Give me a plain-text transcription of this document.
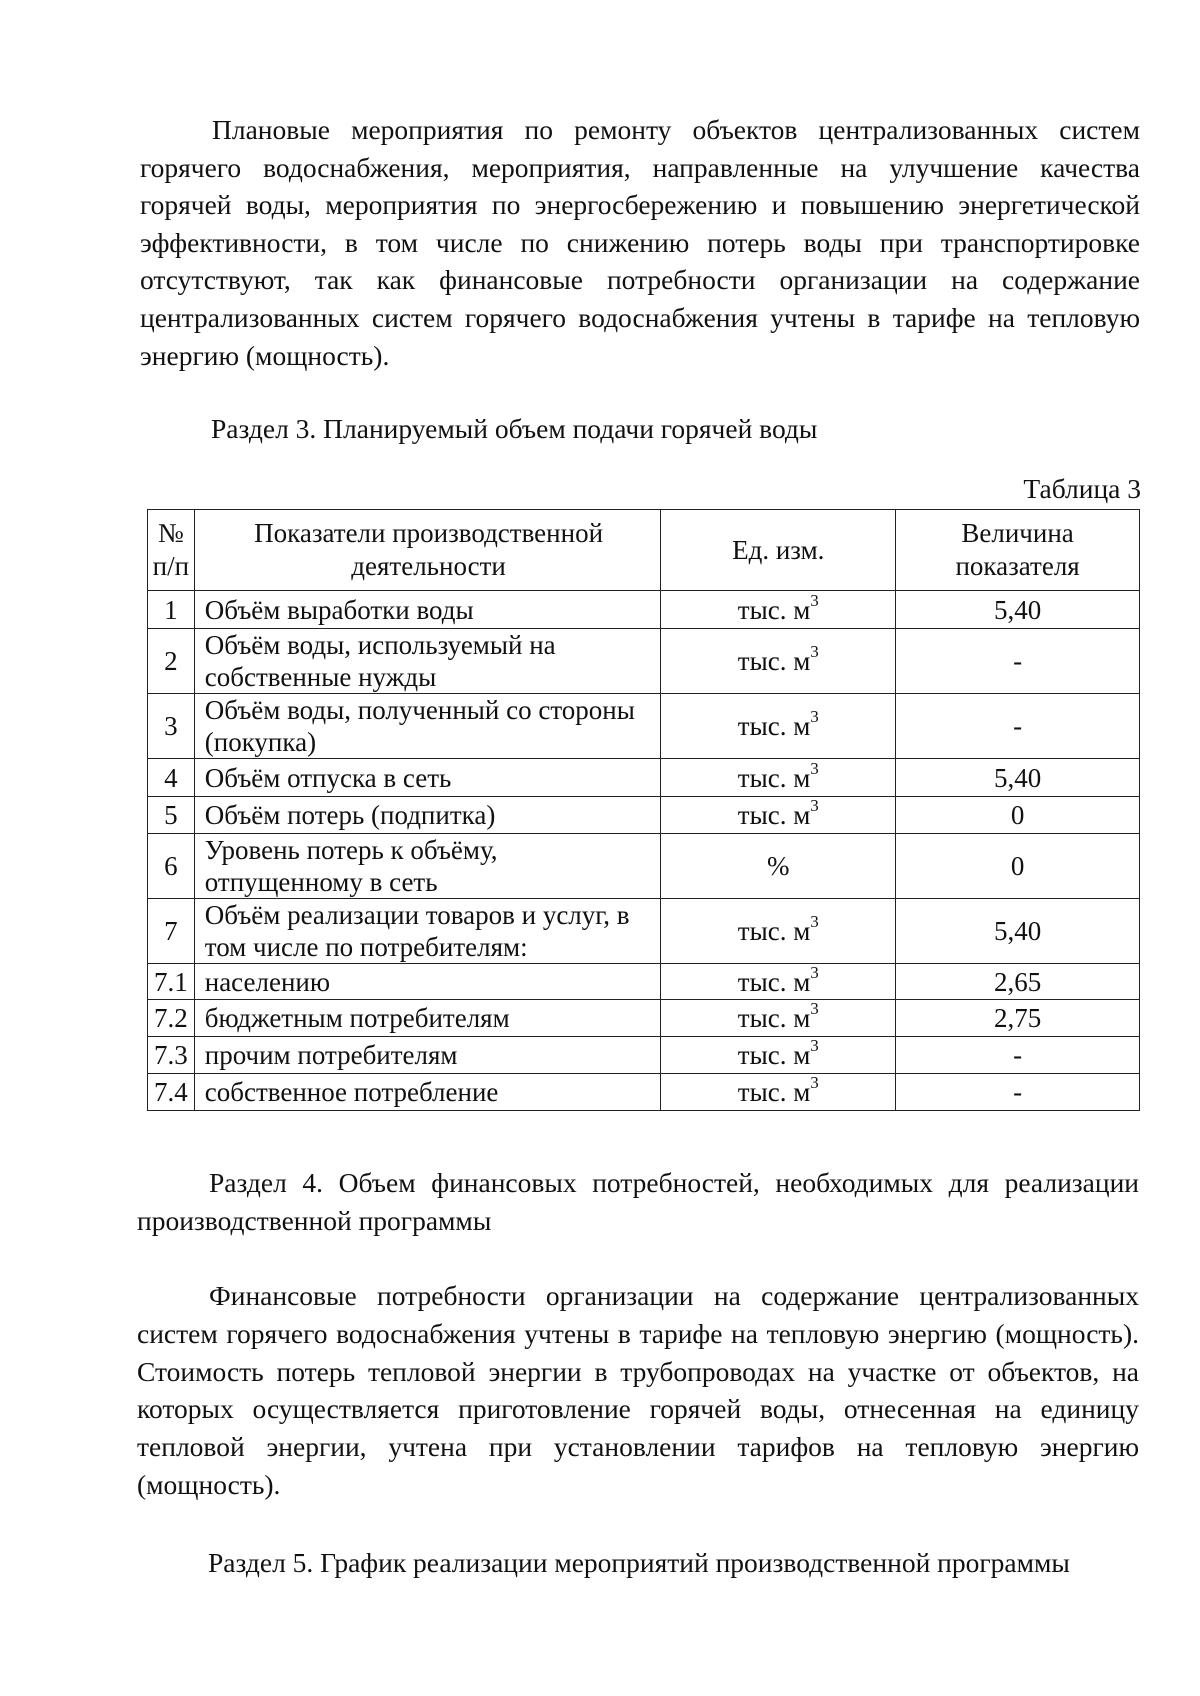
Плановые мероприятия по ремонту объектов централизованных систем горячего водоснабжения, мероприятия, направленные на улучшение качества горячей воды, мероприятия по энергосбережению и повышению энергетической эффективности, в том числе по снижению потерь воды при транспортировке отсутствуют, так как финансовые потребности организации на содержание централизованных систем горячего водоснабжения учтены в тарифе на тепловую энергию (мощность).

Раздел 3. Планируемый объем подачи горячей воды

Таблица 3
№ п/п	Показатели производственной деятельности	Ед. изм.	Величина показателя
1	Объём выработки воды	тыс. $м^3$	5,40
2	Объём воды, используемый на собственные нужды	тыс. $м^3$	-
3	Объём воды, полученный со стороны (покупка)	тыс. $м^3$	-
4	Объём отпуска в сеть	тыс. $м^3$	5,40
5	Объём потерь (подпитка)	тыс. $м^3$	0
6	Уровень потерь к объёму, отпущенному в сеть	%	0
7	Объём реализации товаров и услуг, в том числе по потребителям:	тыс. $м^3$	5,40
7.1	населению	тыс. $м^3$	2,65
7.2	бюджетным потребителям	тыс. $м^3$	2,75
7.3	прочим потребителям	тыс. $м^3$	-
7.4	собственное потребление	тыс. $м^3$	-

Раздел 4. Объем финансовых потребностей, необходимых для реализации производственной программы

Финансовые потребности организации на содержание централизованных систем горячего водоснабжения учтены в тарифе на тепловую энергию (мощность). Стоимость потерь тепловой энергии в трубопроводах на участке от объектов, на которых осуществляется приготовление горячей воды, отнесенная на единицу тепловой энергии, учтена при установлении тарифов на тепловую энергию (мощность).

Раздел 5. График реализации мероприятий производственной программы
